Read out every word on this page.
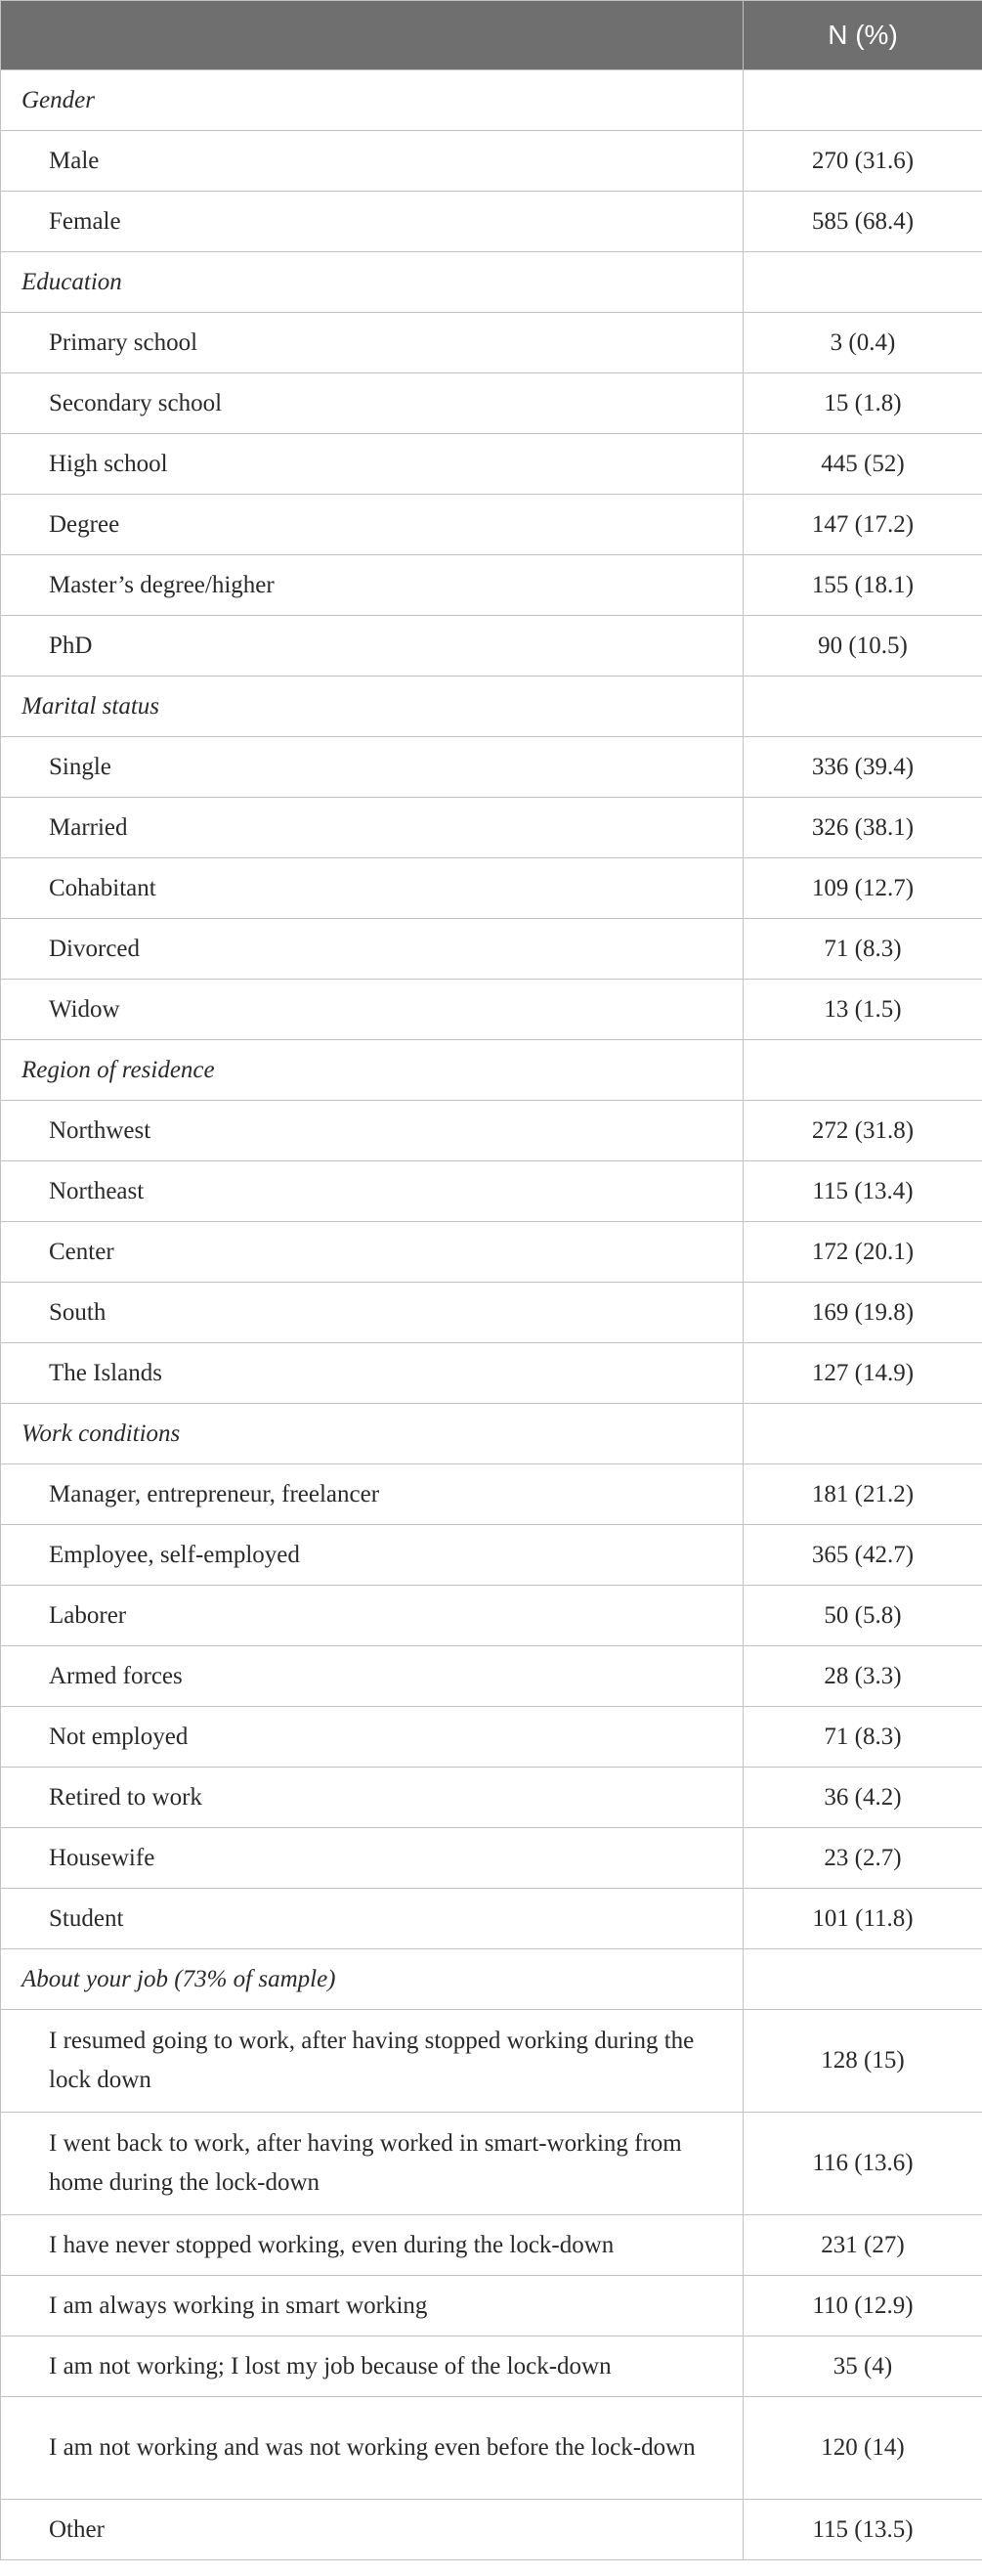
	N (%)
Gender	
Male	270 (31.6)
Female	585 (68.4)
Education	
Primary school	3 (0.4)
Secondary school	15 (1.8)
High school	445 (52)
Degree	147 (17.2)
Master’s degree/higher	155 (18.1)
PhD	90 (10.5)
Marital status	
Single	336 (39.4)
Married	326 (38.1)
Cohabitant	109 (12.7)
Divorced	71 (8.3)
Widow	13 (1.5)
Region of residence	
Northwest	272 (31.8)
Northeast	115 (13.4)
Center	172 (20.1)
South	169 (19.8)
The Islands	127 (14.9)
Work conditions	
Manager, entrepreneur, freelancer	181 (21.2)
Employee, self-employed	365 (42.7)
Laborer	50 (5.8)
Armed forces	28 (3.3)
Not employed	71 (8.3)
Retired to work	36 (4.2)
Housewife	23 (2.7)
Student	101 (11.8)
About your job (73% of sample)	
I resumed going to work, after having stopped working during the lock down	128 (15)
I went back to work, after having worked in smart-working from home during the lock-down	116 (13.6)
I have never stopped working, even during the lock-down	231 (27)
I am always working in smart working	110 (12.9)
I am not working; I lost my job because of the lock-down	35 (4)
I am not working and was not working even before the lock-down	120 (14)
Other	115 (13.5)
